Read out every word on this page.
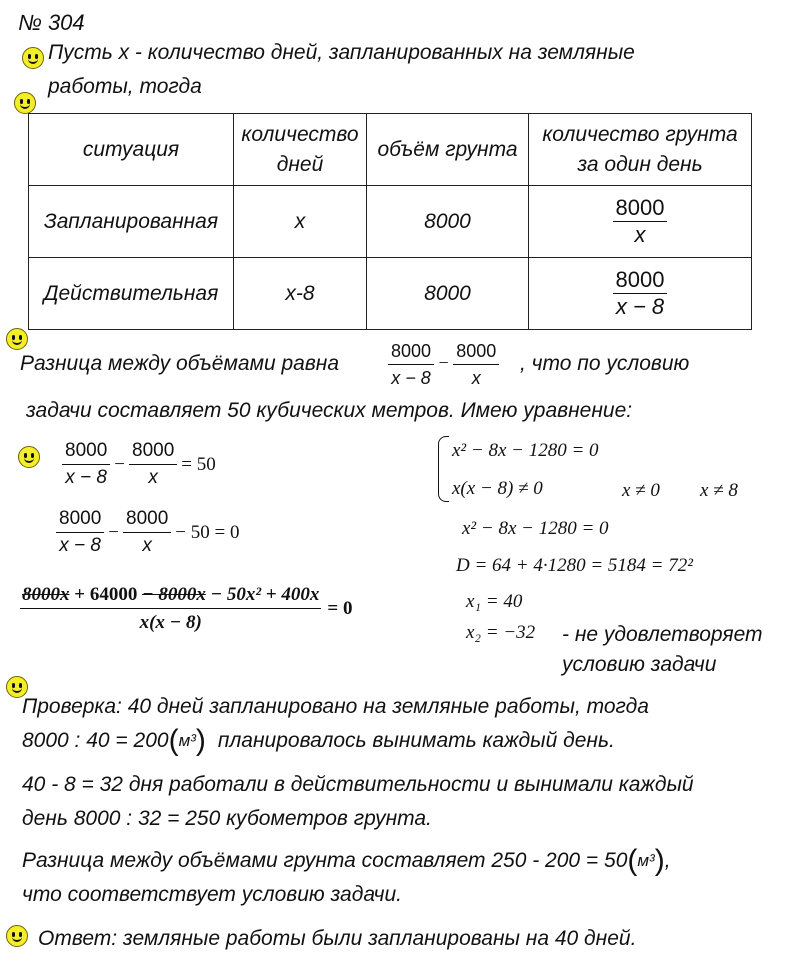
№ 304
Пусть х - количество дней, запланированных на земляные
работы, тогда
ситуация	количество дней	объём грунта	количество грунта за один день
Запланированная	x	8000	$\frac{8000}{x}$

Действительная	х-8	8000	$\frac{8000}{x - 8}$
Разница между объёмами равна	$\frac{8000}{x - 8} - \frac{8000}{x}$ , что по условию
задачи составляет 50 кубических метров. Имею уравнение:
$\frac{8000}{x - 8} - \frac{8000}{x} = 50$
$\frac{8000}{x - 8} - \frac{8000}{x} - 50 = 0$
$\frac{\text{8000x + 64000 − 8000x − 50x² + 400x}}{x(x - 8)} = 0$
x² − 8x − 1280 = 0
x(x − 8) ≠ 0	x ≠ 0 x ≠ 8
x² − 8x − 1280 = 0
D = 64 + 4·1280 = 5184 = 72²
x₁ = 40
x₂ = −32 - не удовлетворяет
условию задачи
Проверка: 40 дней запланировано на земляные работы, тогда
8000 : 40 = 200 ( м³ ) планировалось вынимать каждый день.
40 - 8 = 32 дня работали в действительности и вынимали каждый
день 8000 : 32 = 250 кубометров грунта.
Разница между объёмами грунта составляет 250 - 200 = 50 ( м³ ) ,
что соответствует условию задачи.
Ответ: земляные работы были запланированы на 40 дней.
